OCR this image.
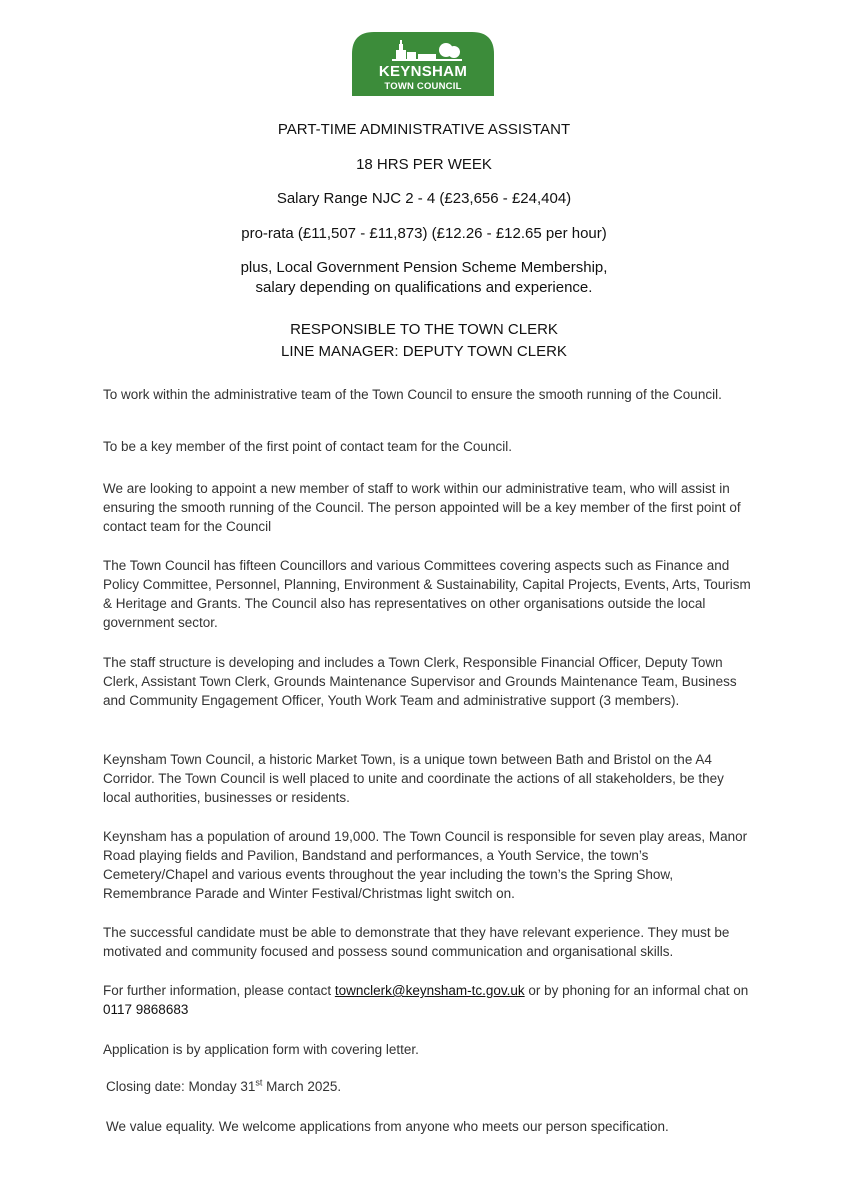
KEYNSHAM
TOWN COUNCIL
PART-TIME ADMINISTRATIVE ASSISTANT
18 HRS PER WEEK
Salary Range NJC 2 - 4 (£23,656 - £24,404)
pro-rata (£11,507 - £11,873) (£12.26 - £12.65 per hour)
plus, Local Government Pension Scheme Membership,
salary depending on qualifications and experience.
RESPONSIBLE TO THE TOWN CLERK
LINE MANAGER: DEPUTY TOWN CLERK
To work within the administrative team of the Town Council to ensure the smooth running of the Council.
To be a key member of the first point of contact team for the Council.
We are looking to appoint a new member of staff to work within our administrative team, who will assist in ensuring the smooth running of the Council. The person appointed will be a key member of the first point of contact team for the Council
The Town Council has fifteen Councillors and various Committees covering aspects such as Finance and Policy Committee, Personnel, Planning, Environment & Sustainability, Capital Projects, Events, Arts, Tourism & Heritage and Grants. The Council also has representatives on other organisations outside the local government sector.
The staff structure is developing and includes a Town Clerk, Responsible Financial Officer, Deputy Town Clerk, Assistant Town Clerk, Grounds Maintenance Supervisor and Grounds Maintenance Team, Business and Community Engagement Officer, Youth Work Team and administrative support (3 members).
Keynsham Town Council, a historic Market Town, is a unique town between Bath and Bristol on the A4 Corridor. The Town Council is well placed to unite and coordinate the actions of all stakeholders, be they local authorities, businesses or residents.
Keynsham has a population of around 19,000. The Town Council is responsible for seven play areas, Manor Road playing fields and Pavilion, Bandstand and performances, a Youth Service, the town’s Cemetery/Chapel and various events throughout the year including the town’s the Spring Show, Remembrance Parade and Winter Festival/Christmas light switch on.
The successful candidate must be able to demonstrate that they have relevant experience. They must be motivated and community focused and possess sound communication and organisational skills.
For further information, please contact townclerk@keynsham-tc.gov.uk or by phoning for an informal chat on 0117 9868683
Application is by application form with covering letter.
Closing date: Monday 31st March 2025.
We value equality. We welcome applications from anyone who meets our person specification.
